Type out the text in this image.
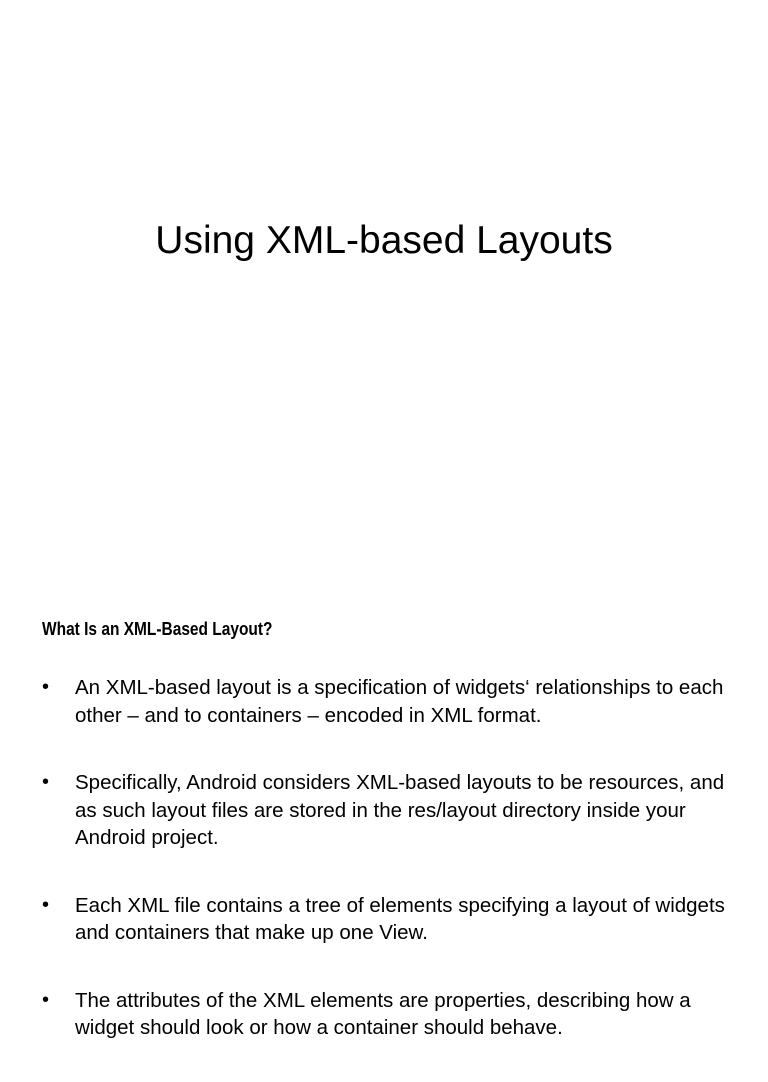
Using XML-based Layouts
What Is an XML-Based Layout?
• An XML-based layout is a specification of widgets‘ relationships to each other – and to containers – encoded in XML format.
• Specifically, Android considers XML-based layouts to be resources, and as such layout files are stored in the res/layout directory inside your Android project.
• Each XML file contains a tree of elements specifying a layout of widgets and containers that make up one View.
• The attributes of the XML elements are properties, describing how a widget should look or how a container should behave.
